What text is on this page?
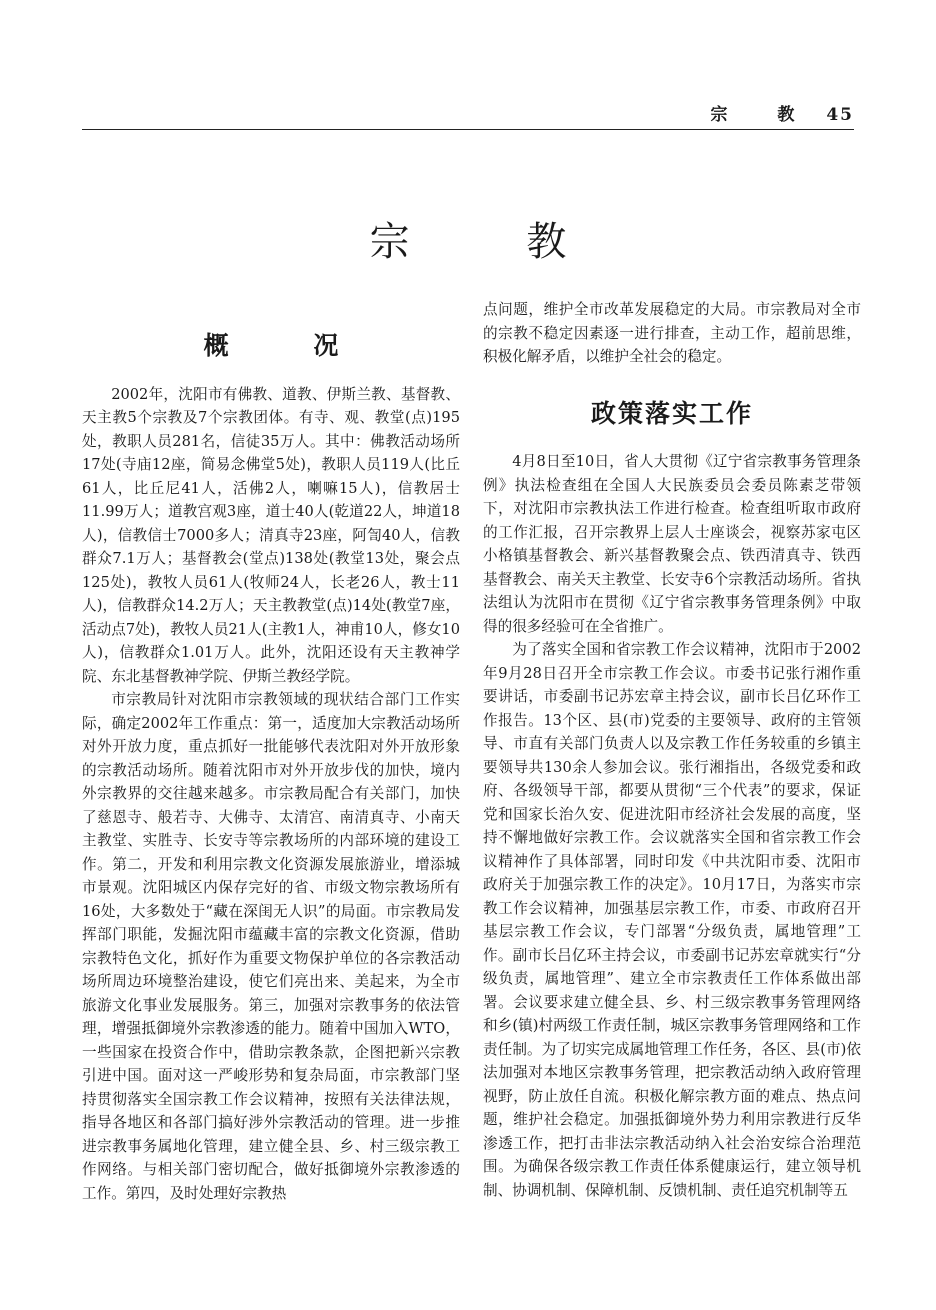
宗 教 45
宗 教
概 况

2002年，沈阳市有佛教、道教、伊斯兰教、基督教、天主教5个宗教及7个宗教团体。有寺、观、教堂(点)195处，教职人员281名，信徒35万人。其中：佛教活动场所17处(寺庙12座，简易念佛堂5处)，教职人员119人(比丘61人，比丘尼41人，活佛2人，喇嘛15人)，信教居士11.99万人；道教宫观3座，道士40人(乾道22人，坤道18人)，信教信士7000多人；清真寺23座，阿訇40人，信教群众7.1万人；基督教会(堂点)138处(教堂13处，聚会点125处)，教牧人员61人(牧师24人，长老26人，教士11人)，信教群众14.2万人；天主教教堂(点)14处(教堂7座，活动点7处)，教牧人员21人(主教1人，神甫10人，修女10人)，信教群众1.01万人。此外，沈阳还设有天主教神学院、东北基督教神学院、伊斯兰教经学院。

市宗教局针对沈阳市宗教领域的现状结合部门工作实际，确定2002年工作重点：第一，适度加大宗教活动场所对外开放力度，重点抓好一批能够代表沈阳对外开放形象的宗教活动场所。随着沈阳市对外开放步伐的加快，境内外宗教界的交往越来越多。市宗教局配合有关部门，加快了慈恩寺、般若寺、大佛寺、太清宫、南清真寺、小南天主教堂、实胜寺、长安寺等宗教场所的内部环境的建设工作。第二，开发和利用宗教文化资源发展旅游业，增添城市景观。沈阳城区内保存完好的省、市级文物宗教场所有16处，大多数处于“藏在深闺无人识”的局面。市宗教局发挥部门职能，发掘沈阳市蕴藏丰富的宗教文化资源，借助宗教特色文化，抓好作为重要文物保护单位的各宗教活动场所周边环境整治建设，使它们亮出来、美起来，为全市旅游文化事业发展服务。第三，加强对宗教事务的依法管理，增强抵御境外宗教渗透的能力。随着中国加入WTO，一些国家在投资合作中，借助宗教条款，企图把新兴宗教引进中国。面对这一严峻形势和复杂局面，市宗教部门坚持贯彻落实全国宗教工作会议精神，按照有关法律法规，指导各地区和各部门搞好涉外宗教活动的管理。进一步推进宗教事务属地化管理，建立健全县、乡、村三级宗教工作网络。与相关部门密切配合，做好抵御境外宗教渗透的工作。第四，及时处理好宗教热

点问题，维护全市改革发展稳定的大局。市宗教局对全市的宗教不稳定因素逐一进行排查，主动工作，超前思维，积极化解矛盾，以维护全社会的稳定。

政策落实工作

4月8日至10日，省人大贯彻《辽宁省宗教事务管理条例》执法检查组在全国人大民族委员会委员陈素芝带领下，对沈阳市宗教执法工作进行检查。检查组听取市政府的工作汇报，召开宗教界上层人士座谈会，视察苏家屯区小格镇基督教会、新兴基督教聚会点、铁西清真寺、铁西基督教会、南关天主教堂、长安寺6个宗教活动场所。省执法组认为沈阳市在贯彻《辽宁省宗教事务管理条例》中取得的很多经验可在全省推广。

为了落实全国和省宗教工作会议精神，沈阳市于2002年9月28日召开全市宗教工作会议。市委书记张行湘作重要讲话，市委副书记苏宏章主持会议，副市长吕亿环作工作报告。13个区、县(市)党委的主要领导、政府的主管领导、市直有关部门负责人以及宗教工作任务较重的乡镇主要领导共130余人参加会议。张行湘指出，各级党委和政府、各级领导干部，都要从贯彻“三个代表”的要求，保证党和国家长治久安、促进沈阳市经济社会发展的高度，坚持不懈地做好宗教工作。会议就落实全国和省宗教工作会议精神作了具体部署，同时印发《中共沈阳市委、沈阳市政府关于加强宗教工作的决定》。10月17日，为落实市宗教工作会议精神，加强基层宗教工作，市委、市政府召开基层宗教工作会议，专门部署“分级负责，属地管理”工作。副市长吕亿环主持会议，市委副书记苏宏章就实行“分级负责，属地管理”、建立全市宗教责任工作体系做出部署。会议要求建立健全县、乡、村三级宗教事务管理网络和乡(镇)村两级工作责任制，城区宗教事务管理网络和工作责任制。为了切实完成属地管理工作任务，各区、县(市)依法加强对本地区宗教事务管理，把宗教活动纳入政府管理视野，防止放任自流。积极化解宗教方面的难点、热点问题，维护社会稳定。加强抵御境外势力利用宗教进行反华渗透工作，把打击非法宗教活动纳入社会治安综合治理范围。为确保各级宗教工作责任体系健康运行，建立领导机制、协调机制、保障机制、反馈机制、责任追究机制等五
